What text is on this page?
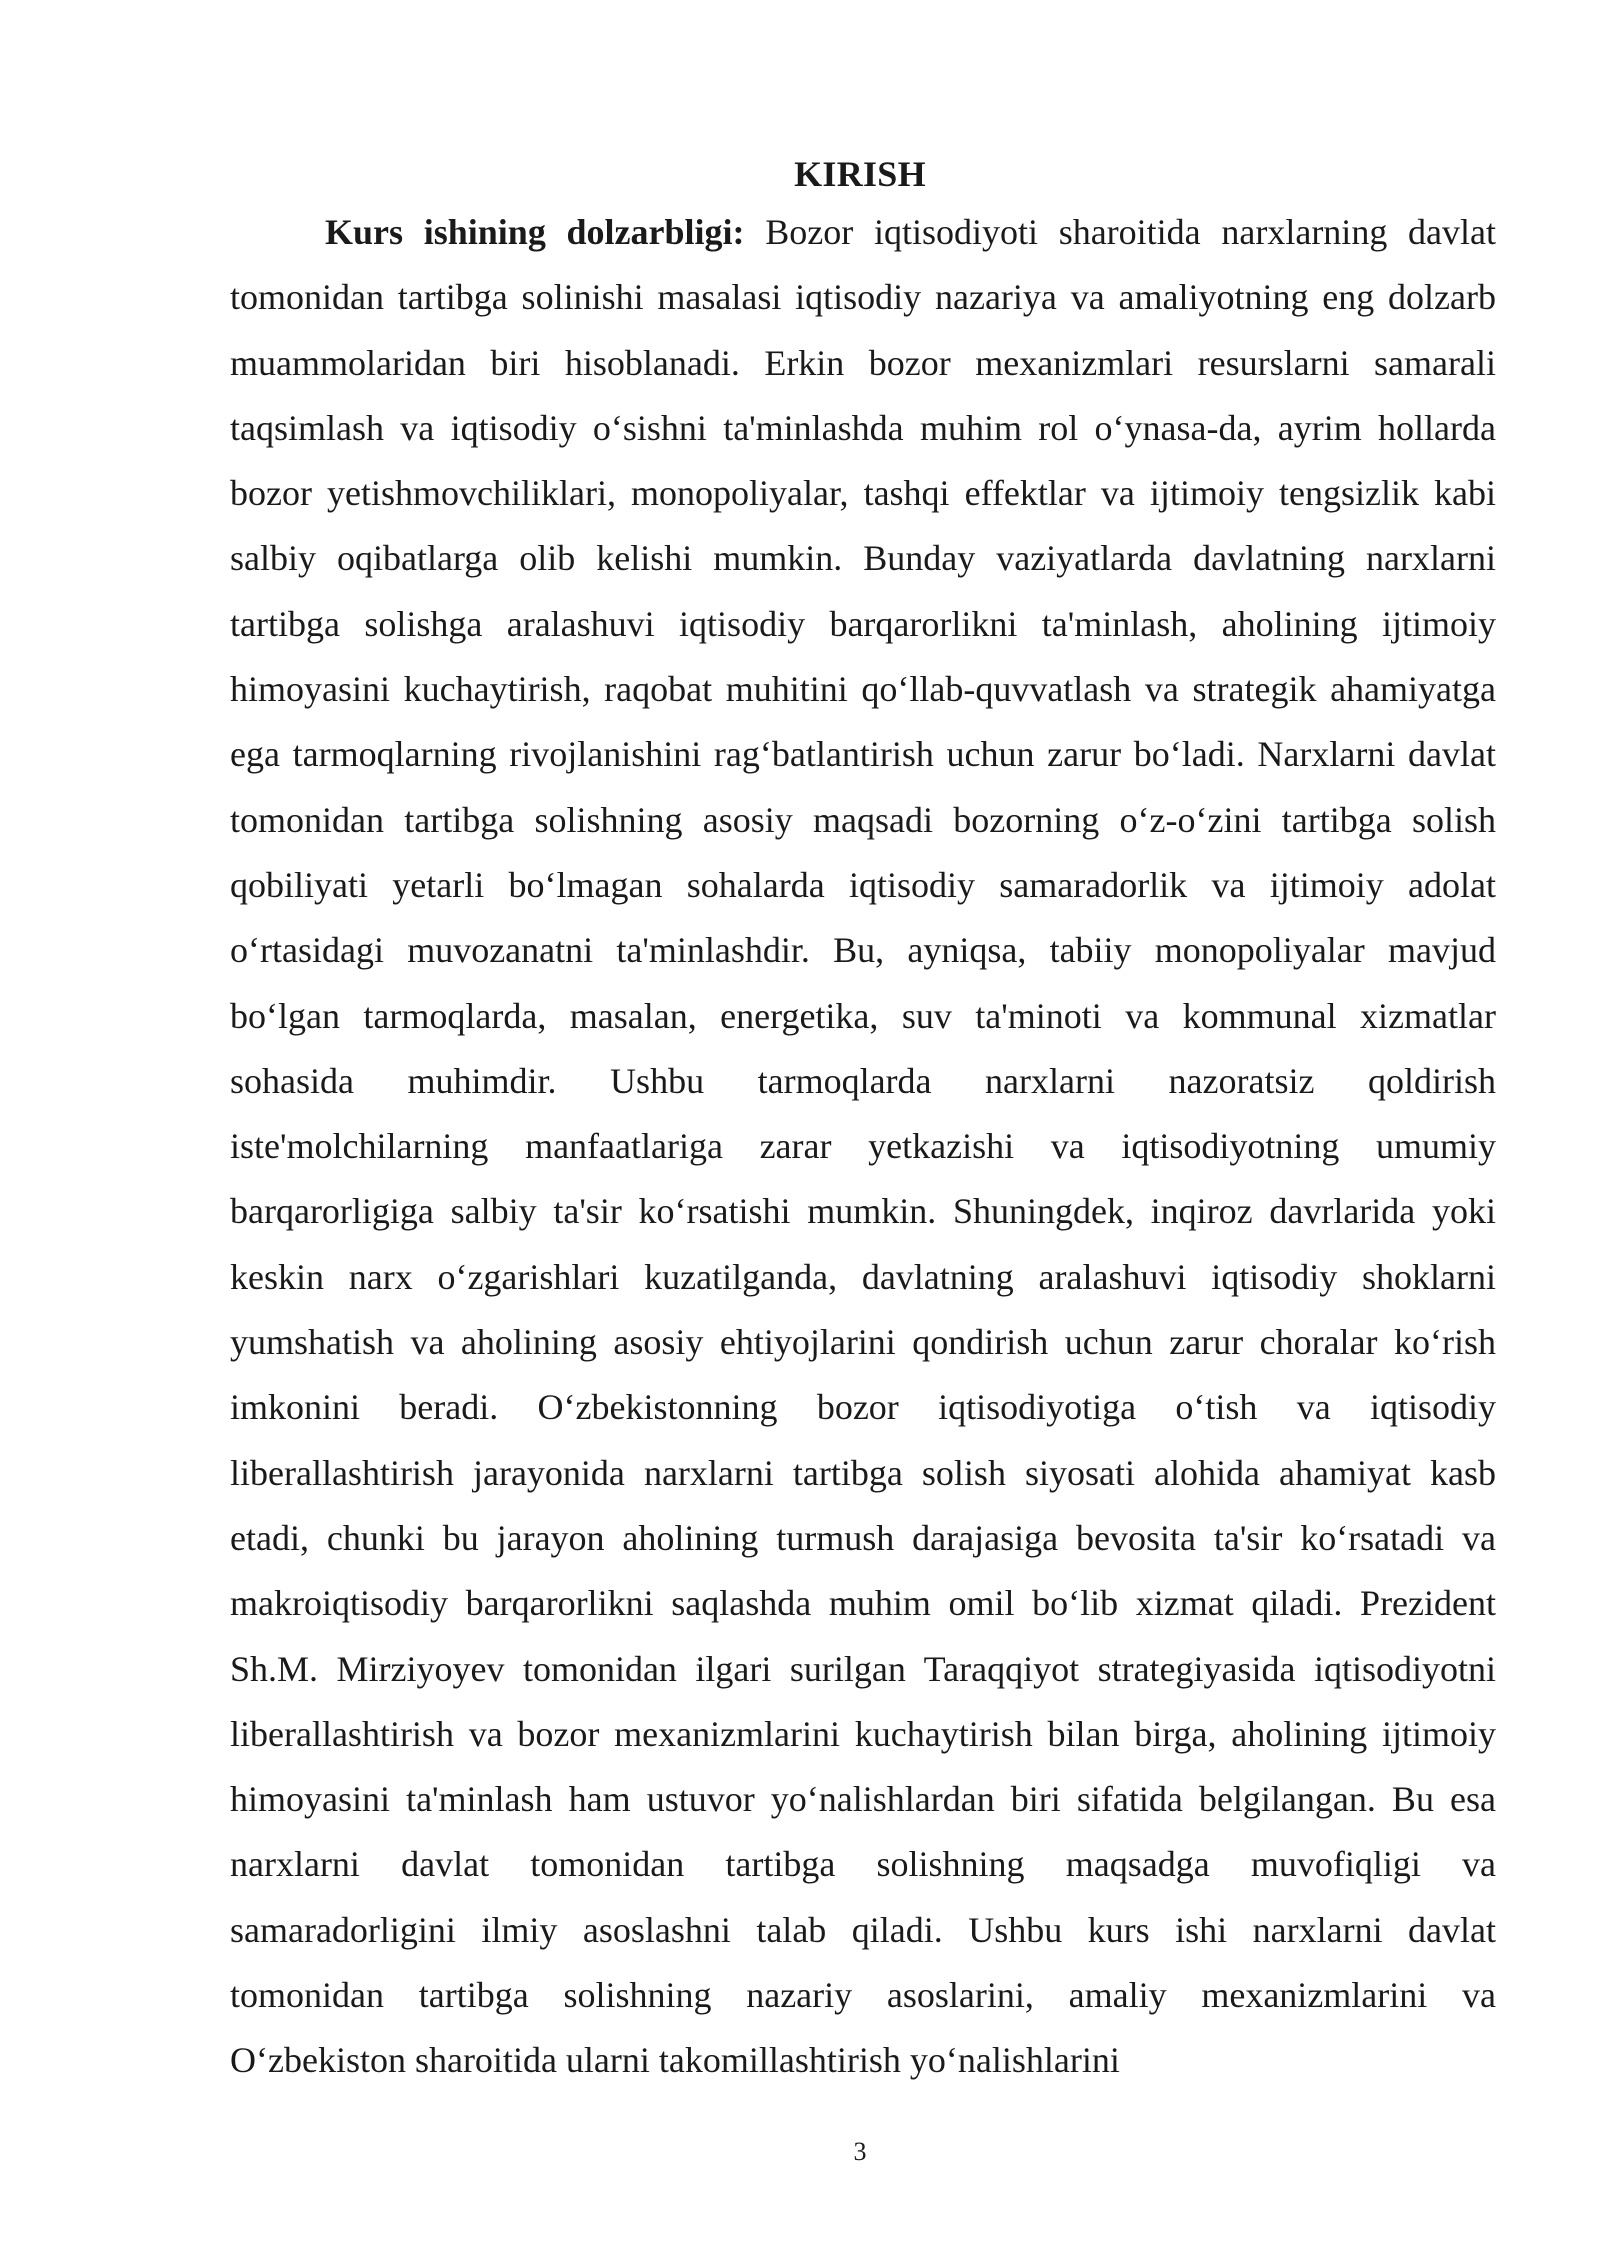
KIRISH

Kurs ishining dolzarbligi: Bozor iqtisodiyoti sharoitida narxlarning davlat tomonidan tartibga solinishi masalasi iqtisodiy nazariya va amaliyotning eng dolzarb muammolaridan biri hisoblanadi. Erkin bozor mexanizmlari resurslarni samarali taqsimlash va iqtisodiy o‘sishni ta'minlashda muhim rol o‘ynasa-da, ayrim hollarda bozor yetishmovchiliklari, monopoliyalar, tashqi effektlar va ijtimoiy tengsizlik kabi salbiy oqibatlarga olib kelishi mumkin. Bunday vaziyatlarda davlatning narxlarni tartibga solishga aralashuvi iqtisodiy barqarorlikni ta'minlash, aholining ijtimoiy himoyasini kuchaytirish, raqobat muhitini qo‘llab-quvvatlash va strategik ahamiyatga ega tarmoqlarning rivojlanishini rag‘batlantirish uchun zarur bo‘ladi. Narxlarni davlat tomonidan tartibga solishning asosiy maqsadi bozorning o‘z-o‘zini tartibga solish qobiliyati yetarli bo‘lmagan sohalarda iqtisodiy samaradorlik va ijtimoiy adolat o‘rtasidagi muvozanatni ta'minlashdir. Bu, ayniqsa, tabiiy monopoliyalar mavjud bo‘lgan tarmoqlarda, masalan, energetika, suv ta'minoti va kommunal xizmatlar sohasida muhimdir. Ushbu tarmoqlarda narxlarni nazoratsiz qoldirish iste'molchilarning manfaatlariga zarar yetkazishi va iqtisodiyotning umumiy barqarorligiga salbiy ta'sir ko‘rsatishi mumkin. Shuningdek, inqiroz davrlarida yoki keskin narx o‘zgarishlari kuzatilganda, davlatning aralashuvi iqtisodiy shoklarni yumshatish va aholining asosiy ehtiyojlarini qondirish uchun zarur choralar ko‘rish imkonini beradi. O‘zbekistonning bozor iqtisodiyotiga o‘tish va iqtisodiy liberallashtirish jarayonida narxlarni tartibga solish siyosati alohida ahamiyat kasb etadi, chunki bu jarayon aholining turmush darajasiga bevosita ta'sir ko‘rsatadi va makroiqtisodiy barqarorlikni saqlashda muhim omil bo‘lib xizmat qiladi. Prezident Sh.M. Mirziyoyev tomonidan ilgari surilgan Taraqqiyot strategiyasida iqtisodiyotni liberallashtirish va bozor mexanizmlarini kuchaytirish bilan birga, aholining ijtimoiy himoyasini ta'minlash ham ustuvor yo‘nalishlardan biri sifatida belgilangan. Bu esa narxlarni davlat tomonidan tartibga solishning maqsadga muvofiqligi va samaradorligini ilmiy asoslashni talab qiladi. Ushbu kurs ishi narxlarni davlat tomonidan tartibga solishning nazariy asoslarini, amaliy mexanizmlarini va O‘zbekiston sharoitida ularni takomillashtirish yo‘nalishlarini

3
